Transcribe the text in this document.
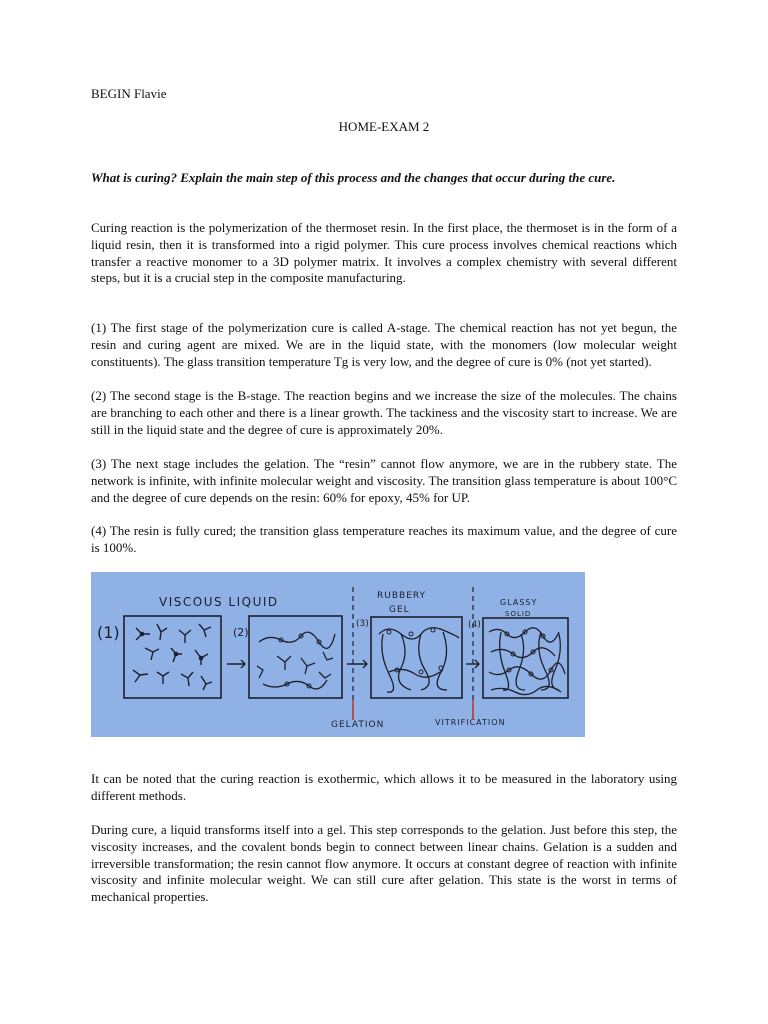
BEGIN Flavie

HOME-EXAM 2

What is curing? Explain the main step of this process and the changes that occur during the cure.

Curing reaction is the polymerization of the thermoset resin. In the first place, the thermoset is in the form of a liquid resin, then it is transformed into a rigid polymer. This cure process involves chemical reactions which transfer a reactive monomer to a 3D polymer matrix. It involves a complex chemistry with several different steps, but it is a crucial step in the composite manufacturing.

(1) The first stage of the polymerization cure is called A-stage. The chemical reaction has not yet begun, the resin and curing agent are mixed. We are in the liquid state, with the monomers (low molecular weight constituents). The glass transition temperature Tg is very low, and the degree of cure is 0% (not yet started).

(2) The second stage is the B-stage. The reaction begins and we increase the size of the molecules. The chains are branching to each other and there is a linear growth. The tackiness and the viscosity start to increase. We are still in the liquid state and the degree of cure is approximately 20%.

(3) The next stage includes the gelation. The “resin” cannot flow anymore, we are in the rubbery state. The network is infinite, with infinite molecular weight and viscosity. The transition glass temperature is about 100°C and the degree of cure depends on the resin: 60% for epoxy, 45% for UP.

(4) The resin is fully cured; the transition glass temperature reaches its maximum value, and the degree of cure is 100%.

VISCOUS LIQUID	RUBBERY
GEL
GLASSY
SOLID
(1)	(2)
(3)	(4)
GELATION	VITRIFICATION

It can be noted that the curing reaction is exothermic, which allows it to be measured in the laboratory using different methods.

During cure, a liquid transforms itself into a gel. This step corresponds to the gelation. Just before this step, the viscosity increases, and the covalent bonds begin to connect between linear chains. Gelation is a sudden and irreversible transformation; the resin cannot flow anymore. It occurs at constant degree of reaction with infinite viscosity and infinite molecular weight. We can still cure after gelation. This state is the worst in terms of mechanical properties.
